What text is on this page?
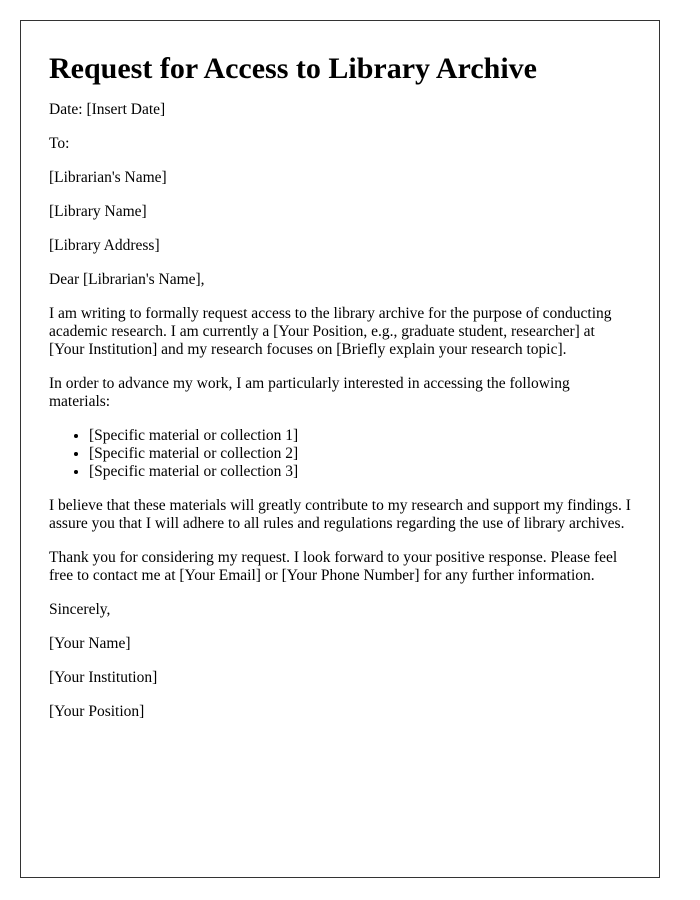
Request for Access to Library Archive

Date: [Insert Date]

To:

[Librarian's Name]

[Library Name]

[Library Address]

Dear [Librarian's Name],

I am writing to formally request access to the library archive for the purpose of conducting academic research. I am currently a [Your Position, e.g., graduate student, researcher] at [Your Institution] and my research focuses on [Briefly explain your research topic].

In order to advance my work, I am particularly interested in accessing the following materials:

• [Specific material or collection 1]
• [Specific material or collection 2]
• [Specific material or collection 3]

I believe that these materials will greatly contribute to my research and support my findings. I assure you that I will adhere to all rules and regulations regarding the use of library archives.

Thank you for considering my request. I look forward to your positive response. Please feel free to contact me at [Your Email] or [Your Phone Number] for any further information.

Sincerely,

[Your Name]

[Your Institution]

[Your Position]
